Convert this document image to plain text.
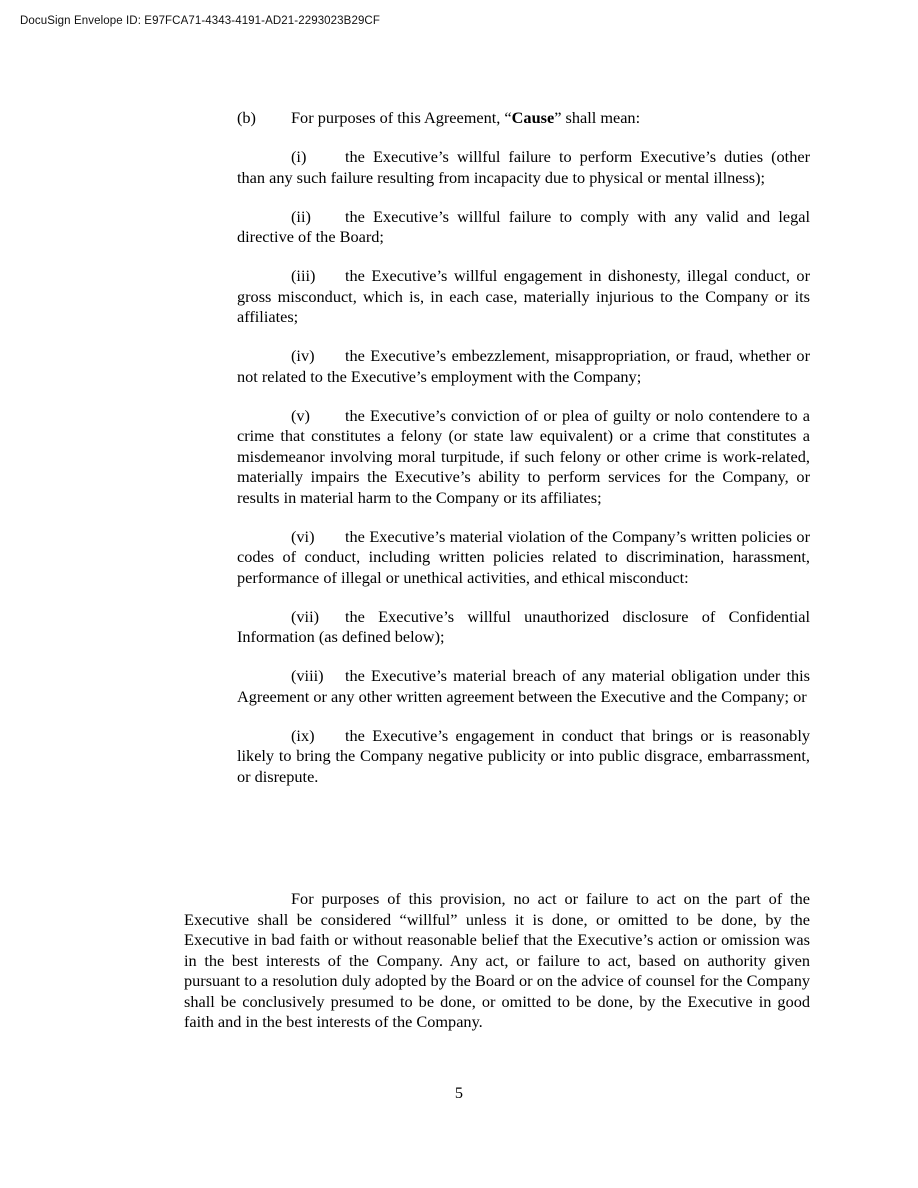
DocuSign Envelope ID: E97FCA71-4343-4191-AD21-2293023B29CF
(b) For purposes of this Agreement, “Cause” shall mean:

(i) the Executive’s willful failure to perform Executive’s duties (other than any such failure resulting from incapacity due to physical or mental illness);

(ii) the Executive’s willful failure to comply with any valid and legal directive of the Board;

(iii) the Executive’s willful engagement in dishonesty, illegal conduct, or gross misconduct, which is, in each case, materially injurious to the Company or its affiliates;

(iv) the Executive’s embezzlement, misappropriation, or fraud, whether or not related to the Executive’s employment with the Company;

(v) the Executive’s conviction of or plea of guilty or nolo contendere to a crime that constitutes a felony (or state law equivalent) or a crime that constitutes a misdemeanor involving moral turpitude, if such felony or other crime is work-related, materially impairs the Executive’s ability to perform services for the Company, or results in material harm to the Company or its affiliates;

(vi) the Executive’s material violation of the Company’s written policies or codes of conduct, including written policies related to discrimination, harassment, performance of illegal or unethical activities, and ethical misconduct:

(vii) the Executive’s willful unauthorized disclosure of Confidential Information (as defined below);

(viii) the Executive’s material breach of any material obligation under this Agreement or any other written agreement between the Executive and the Company; or

(ix) the Executive’s engagement in conduct that brings or is reasonably likely to bring the Company negative publicity or into public disgrace, embarrassment, or disrepute.

For purposes of this provision, no act or failure to act on the part of the Executive shall be considered “willful” unless it is done, or omitted to be done, by the Executive in bad faith or without reasonable belief that the Executive’s action or omission was in the best interests of the Company. Any act, or failure to act, based on authority given pursuant to a resolution duly adopted by the Board or on the advice of counsel for the Company shall be conclusively presumed to be done, or omitted to be done, by the Executive in good faith and in the best interests of the Company.

5
